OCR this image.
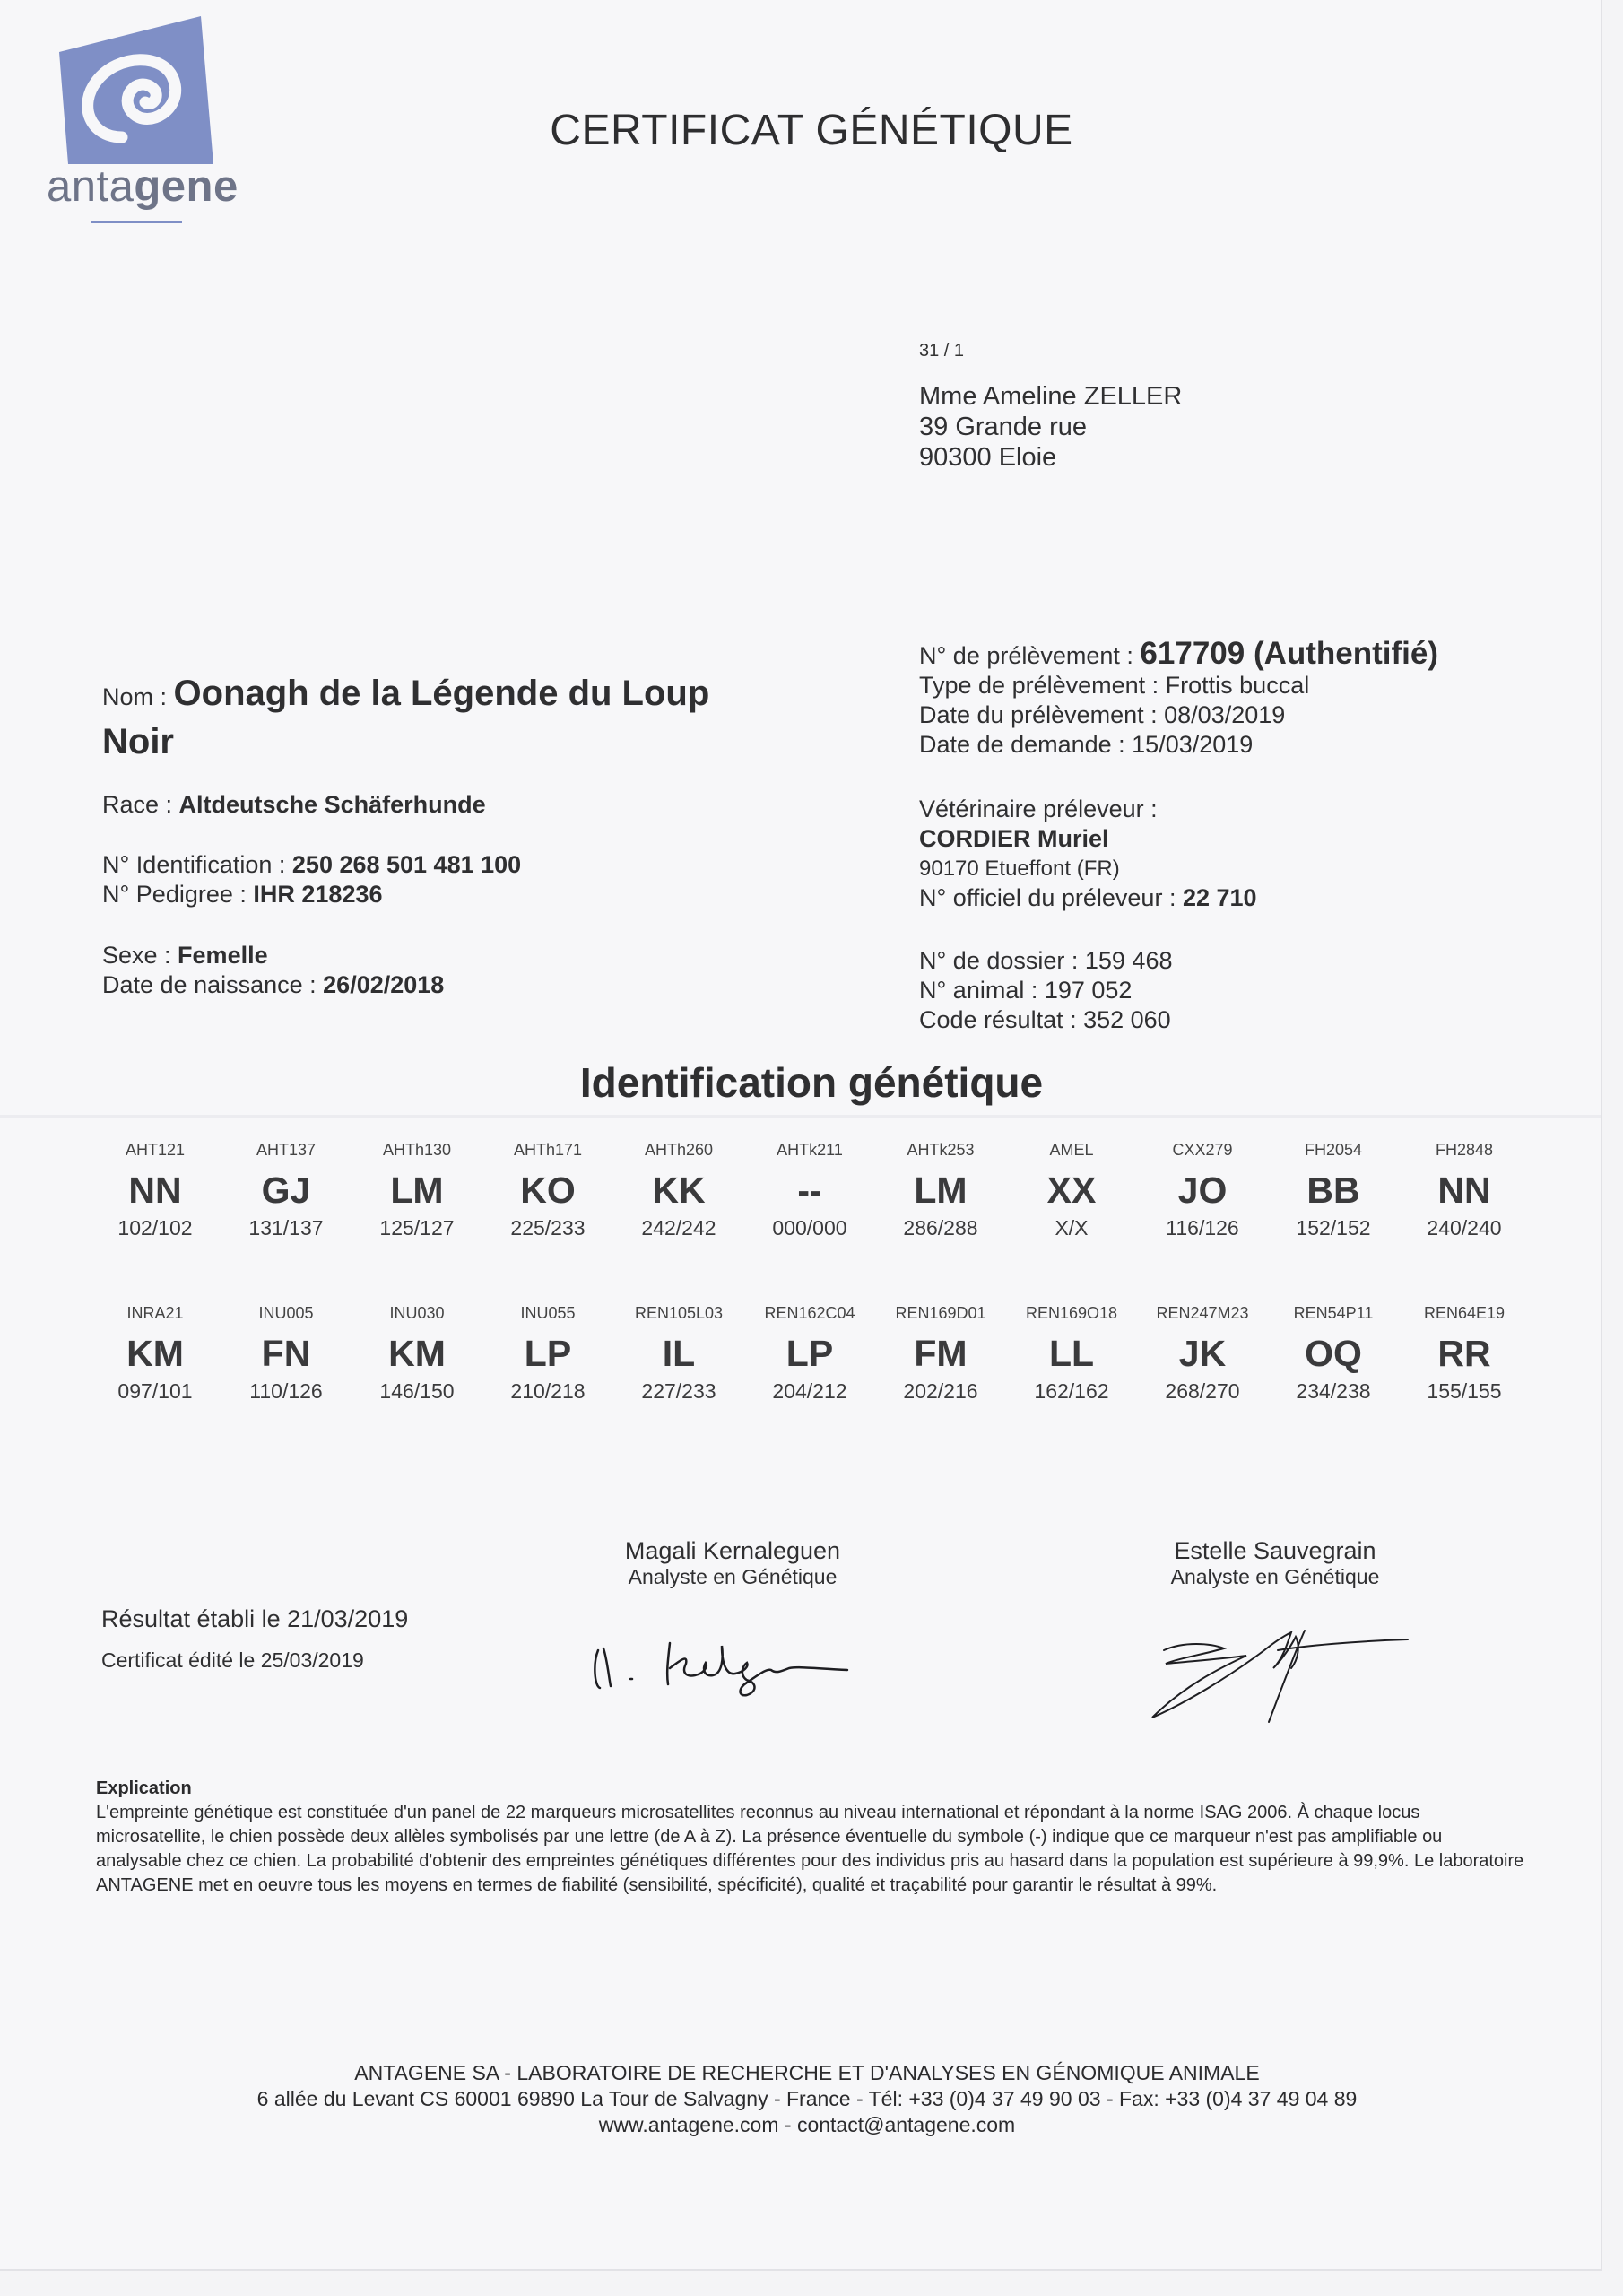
antagene
CERTIFICAT GÉNÉTIQUE
31 / 1
Mme Ameline ZELLER
39 Grande rue
90300 Eloie
Nom : Oonagh de la Légende du Loup
Noir
Race : Altdeutsche Schäferhunde
N° Identification : 250 268 501 481 100
N° Pedigree : IHR 218236
Sexe : Femelle
Date de naissance : 26/02/2018
N° de prélèvement : 617709 (Authentifié)
Type de prélèvement : Frottis buccal
Date du prélèvement : 08/03/2019
Date de demande : 15/03/2019
Vétérinaire préleveur :
CORDIER Muriel
90170 Etueffont (FR)
N° officiel du préleveur : 22 710
N° de dossier : 159 468
N° animal : 197 052
Code résultat : 352 060
Identification génétique
AHT121
NN
102/102
AHT137
GJ
131/137
AHTh130
LM
125/127
AHTh171
KO
225/233
AHTh260
KK
242/242
AHTk211
--
000/000
AHTk253
LM
286/288
AMEL
XX
X/X
CXX279
JO
116/126
FH2054
BB
152/152
FH2848
NN
240/240
INRA21
KM
097/101
INU005
FN
110/126
INU030
KM
146/150
INU055
LP
210/218
REN105L03
IL
227/233
REN162C04
LP
204/212
REN169D01
FM
202/216
REN169O18
LL
162/162
REN247M23
JK
268/270
REN54P11
OQ
234/238
REN64E19
RR
155/155
Résultat établi le 21/03/2019
Certificat édité le 25/03/2019
Magali Kernaleguen
Analyste en Génétique
Estelle Sauvegrain
Analyste en Génétique
Explication
L'empreinte génétique est constituée d'un panel de 22 marqueurs microsatellites reconnus au niveau international et répondant à la norme ISAG 2006. À chaque locus microsatellite, le chien possède deux allèles symbolisés par une lettre (de A à Z). La présence éventuelle du symbole (-) indique que ce marqueur n'est pas amplifiable ou analysable chez ce chien. La probabilité d'obtenir des empreintes génétiques différentes pour des individus pris au hasard dans la population est supérieure à 99,9%. Le laboratoire ANTAGENE met en oeuvre tous les moyens en termes de fiabilité (sensibilité, spécificité), qualité et traçabilité pour garantir le résultat à 99%.
ANTAGENE SA - LABORATOIRE DE RECHERCHE ET D'ANALYSES EN GÉNOMIQUE ANIMALE
6 allée du Levant CS 60001 69890 La Tour de Salvagny - France - Tél: +33 (0)4 37 49 90 03 - Fax: +33 (0)4 37 49 04 89
www.antagene.com - contact@antagene.com
